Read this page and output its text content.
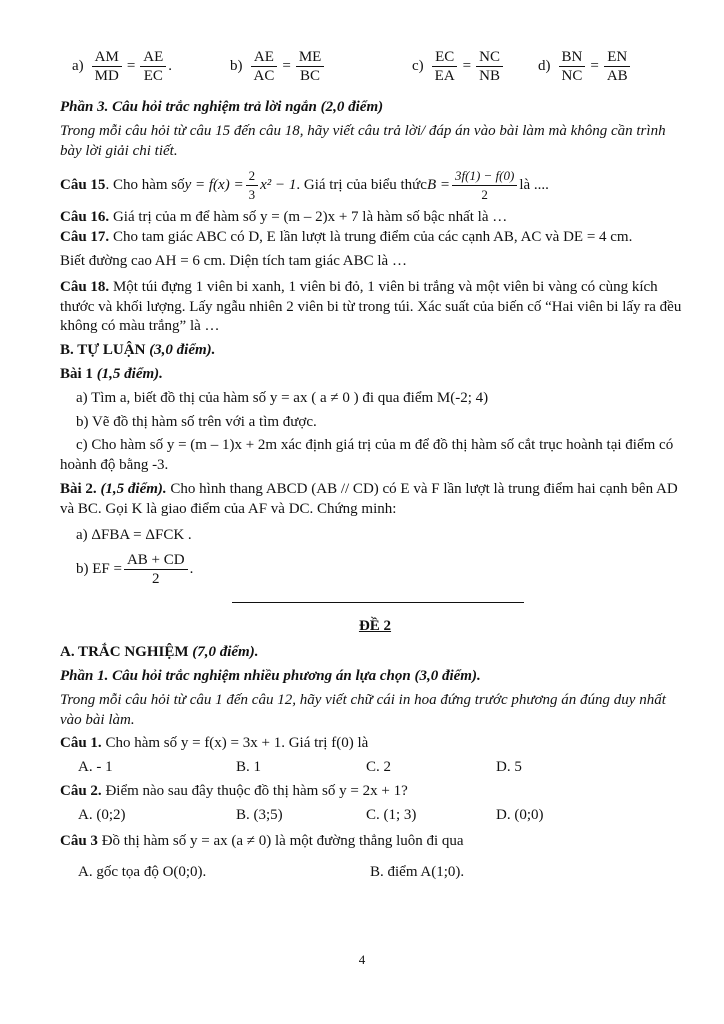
$a) \frac{AM}{MD} = \frac{AE}{EC}$ .	$b) \frac{AE}{AC} = \frac{ME}{BC}$	$c) \frac{EC}{EA} = \frac{NC}{NB} d) \frac{BN}{NC} = \frac{EN}{AB}$

Phần 3. Câu hỏi trắc nghiệm trả lời ngắn (2,0 điểm)

Trong mỗi câu hỏi từ câu 15 đến câu 18, hãy viết câu trả lời/ đáp án vào bài làm mà không cần trình bày lời giải chi tiết.

Câu 15 . Cho hàm số $y = f(x) = \frac{2}{3} x^2 - 1$ . Giá trị của biểu thức $B = \frac{3f(1) - f(0)}{2}$ là ....

Câu 16. Giá trị của m để hàm số y = (m – 2)x + 7 là hàm số bậc nhất là …

Câu 17. Cho tam giác ABC có D, E lần lượt là trung điểm của các cạnh AB, AC và DE = 4 cm.

Biết đường cao AH = 6 cm. Diện tích tam giác ABC là …

Câu 18. Một túi đựng 1 viên bi xanh, 1 viên bi đỏ, 1 viên bi trắng và một viên bi vàng có cùng kích thước và khối lượng. Lấy ngẫu nhiên 2 viên bi từ trong túi. Xác suất của biến cố “Hai viên bi lấy ra đều không có màu trắng” là …

B. TỰ LUẬN (3,0 điểm).

Bài 1 (1,5 điểm).

a) Tìm a, biết đồ thị của hàm số y = ax ( a ≠ 0 ) đi qua điểm M(-2; 4)

b) Vẽ đồ thị hàm số trên với a tìm được.

c) Cho hàm số y = (m – 1)x + 2m xác định giá trị của m để đồ thị hàm số cắt trục hoành tại điểm có hoành độ bằng -3.

Bài 2. (1,5 điểm). Cho hình thang ABCD (AB // CD) có E và F lần lượt là trung điểm hai cạnh bên AD và BC. Gọi K là giao điểm của AF và DC. Chứng minh:

a) ΔFBA = ΔFCK .

b) EF = $\frac{AB + CD}{2}$ .

ĐỀ 2

A. TRẮC NGHIỆM (7,0 điểm).

Phần 1. Câu hỏi trắc nghiệm nhiều phương án lựa chọn (3,0 điểm).

Trong mỗi câu hỏi từ câu 1 đến câu 12, hãy viết chữ cái in hoa đứng trước phương án đúng duy nhất vào bài làm.

Câu 1. Cho hàm số y = f(x) = 3x + 1. Giá trị f(0) là

A. - 1	B. 1	C. 2	D. 5

Câu 2. Điểm nào sau đây thuộc đồ thị hàm số y = 2x + 1?

A. (0;2)	B. (3;5)	C. (1; 3)	D. (0;0)

Câu 3 Đồ thị hàm số y = ax (a ≠ 0) là một đường thẳng luôn đi qua

A. gốc tọa độ O(0;0).	B. điểm A(1;0).
4
